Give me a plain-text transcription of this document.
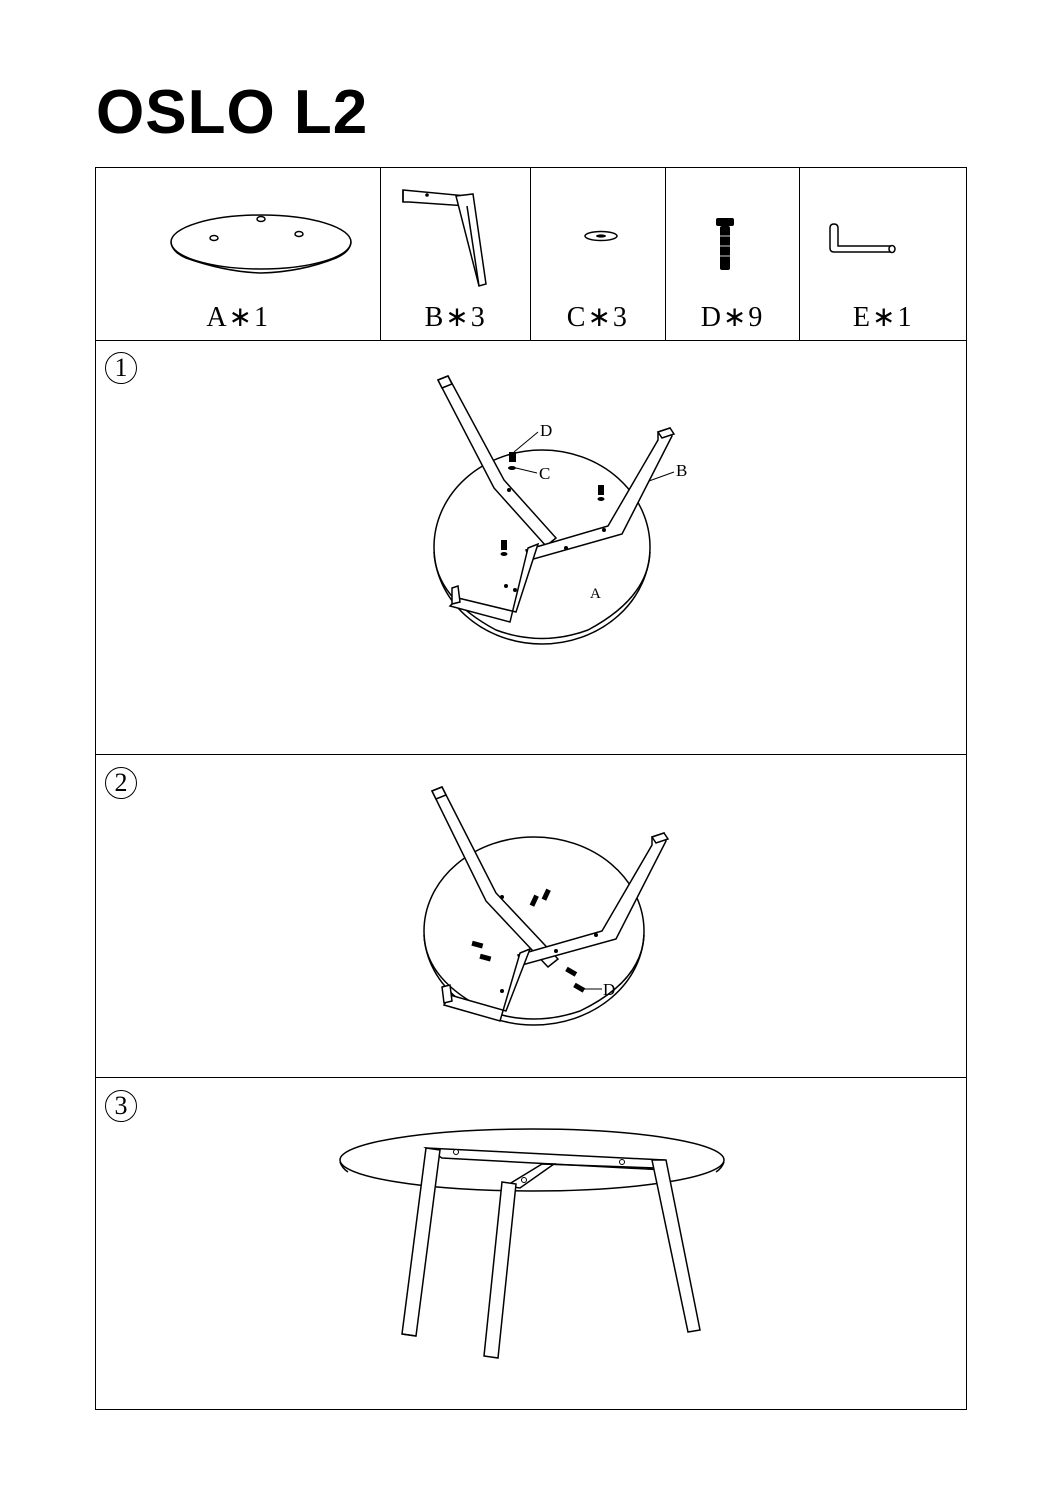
OSLO L2
A∗1	B∗3	C∗3	D∗9	E∗1
1
D
C	B
A
2
D
3
